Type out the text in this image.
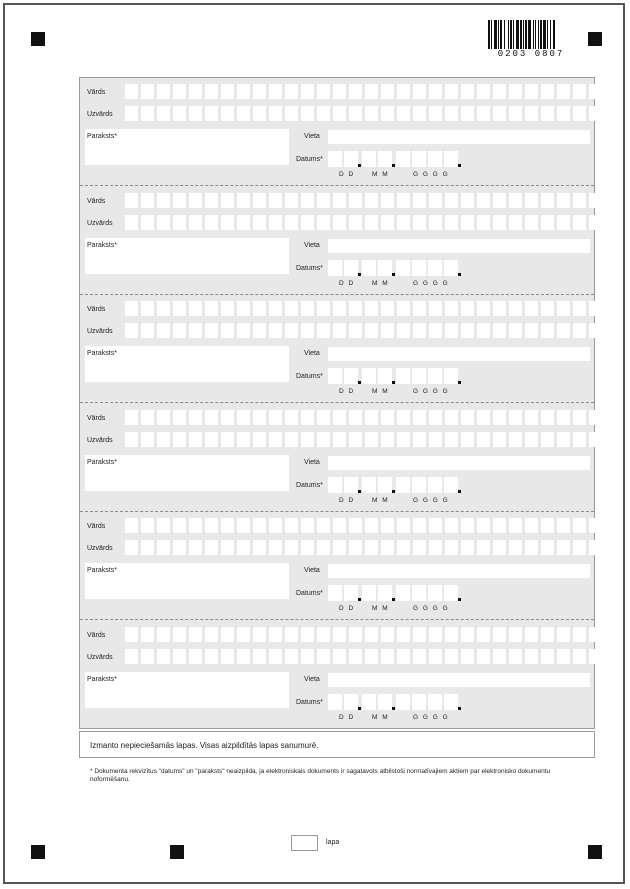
0203 0807
Vārds
Uzvārds
Paraksts*	Vieta
Datums*
D D	M M	G G G G
Vārds
Uzvārds
Paraksts*	Vieta
Datums*
D D	M M	G G G G
Vārds
Uzvārds
Paraksts*	Vieta
Datums*
D D	M M	G G G G
Vārds
Uzvārds
Paraksts*	Vieta
Datums*
D D	M M	G G G G
Vārds
Uzvārds
Paraksts*	Vieta
Datums*
D D	M M	G G G G
Vārds
Uzvārds
Paraksts*	Vieta
Datums*
D D	M M	G G G G
Izmanto nepieciešamās lapas. Visas aizpildītās lapas sanumurē.
* Dokumenta rekvizītus "datums" un "paraksts" neaizpilda, ja elektroniskais dokuments ir sagatavots atbilstoši normatīvajiem aktiem par elektronisko dokumentu noformēšanu.
lapa
